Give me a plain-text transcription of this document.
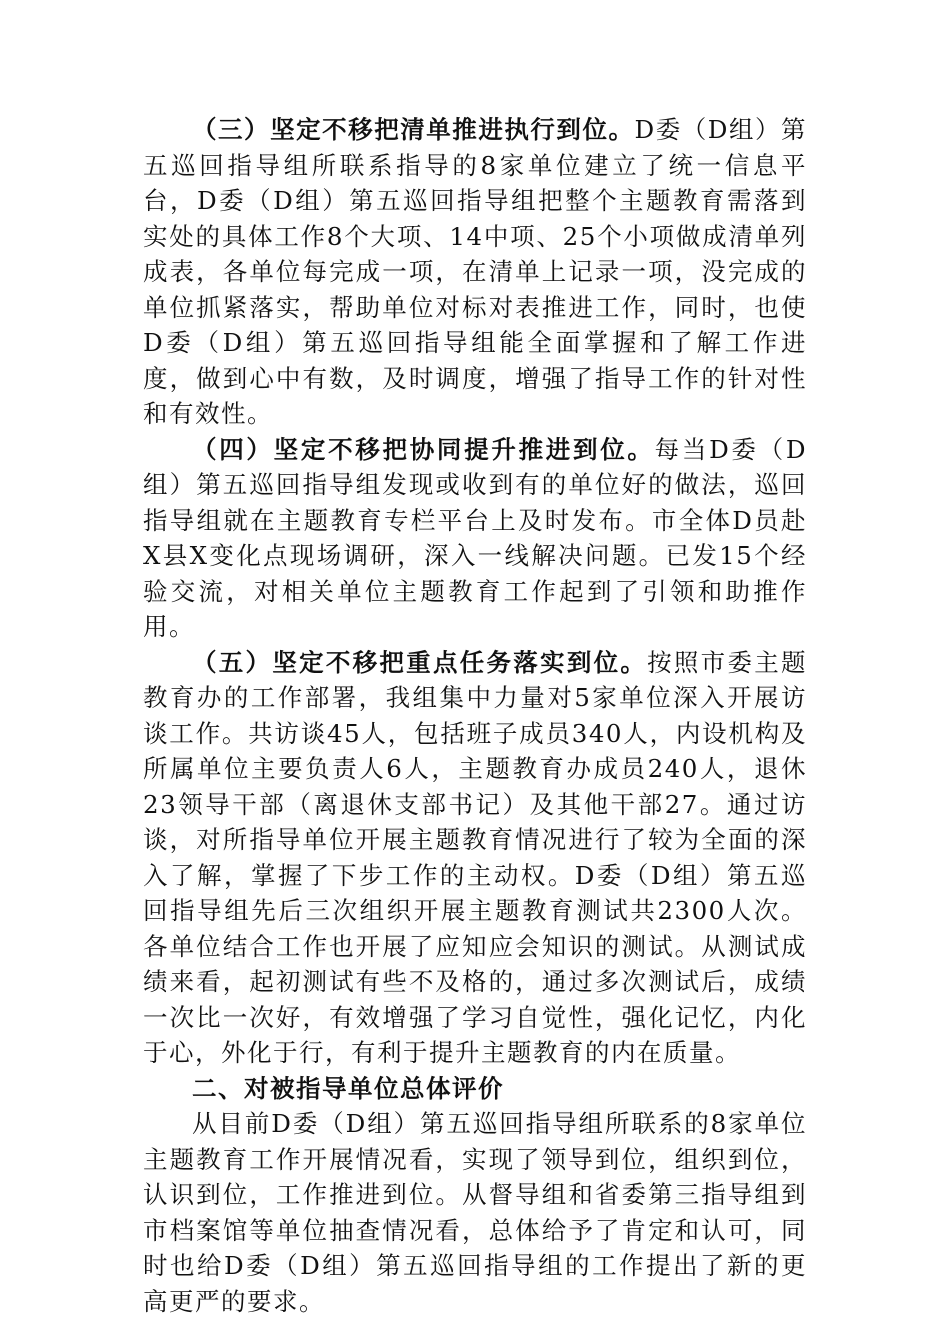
（三）坚定不移把清单推进执行到位。D委（D组）第五巡回指导组所联系指导的8家单位建立了统一信息平台，D委（D组）第五巡回指导组把整个主题教育需落到实处的具体工作8个大项、14中项、25个小项做成清单列成表，各单位每完成一项，在清单上记录一项，没完成的单位抓紧落实，帮助单位对标对表推进工作，同时，也使D委（D组）第五巡回指导组能全面掌握和了解工作进度，做到心中有数，及时调度，增强了指导工作的针对性和有效性。

（四）坚定不移把协同提升推进到位。每当D委（D组）第五巡回指导组发现或收到有的单位好的做法，巡回指导组就在主题教育专栏平台上及时发布。市全体D员赴X县X变化点现场调研，深入一线解决问题。已发15个经验交流，对相关单位主题教育工作起到了引领和助推作用。

（五）坚定不移把重点任务落实到位。按照市委主题教育办的工作部署，我组集中力量对5家单位深入开展访谈工作。共访谈45人，包括班子成员340人，内设机构及所属单位主要负责人6人，主题教育办成员240人，退休23领导干部（离退休支部书记）及其他干部27。通过访谈，对所指导单位开展主题教育情况进行了较为全面的深入了解，掌握了下步工作的主动权。D委（D组）第五巡回指导组先后三次组织开展主题教育测试共2300人次。各单位结合工作也开展了应知应会知识的测试。从测试成绩来看，起初测试有些不及格的，通过多次测试后，成绩一次比一次好，有效增强了学习自觉性，强化记忆，内化于心，外化于行，有利于提升主题教育的内在质量。

二、对被指导单位总体评价

从目前D委（D组）第五巡回指导组所联系的8家单位主题教育工作开展情况看，实现了领导到位，组织到位，认识到位，工作推进到位。从督导组和省委第三指导组到市档案馆等单位抽查情况看，总体给予了肯定和认可，同时也给D委（D组）第五巡回指导组的工作提出了新的更高更严的要求。
